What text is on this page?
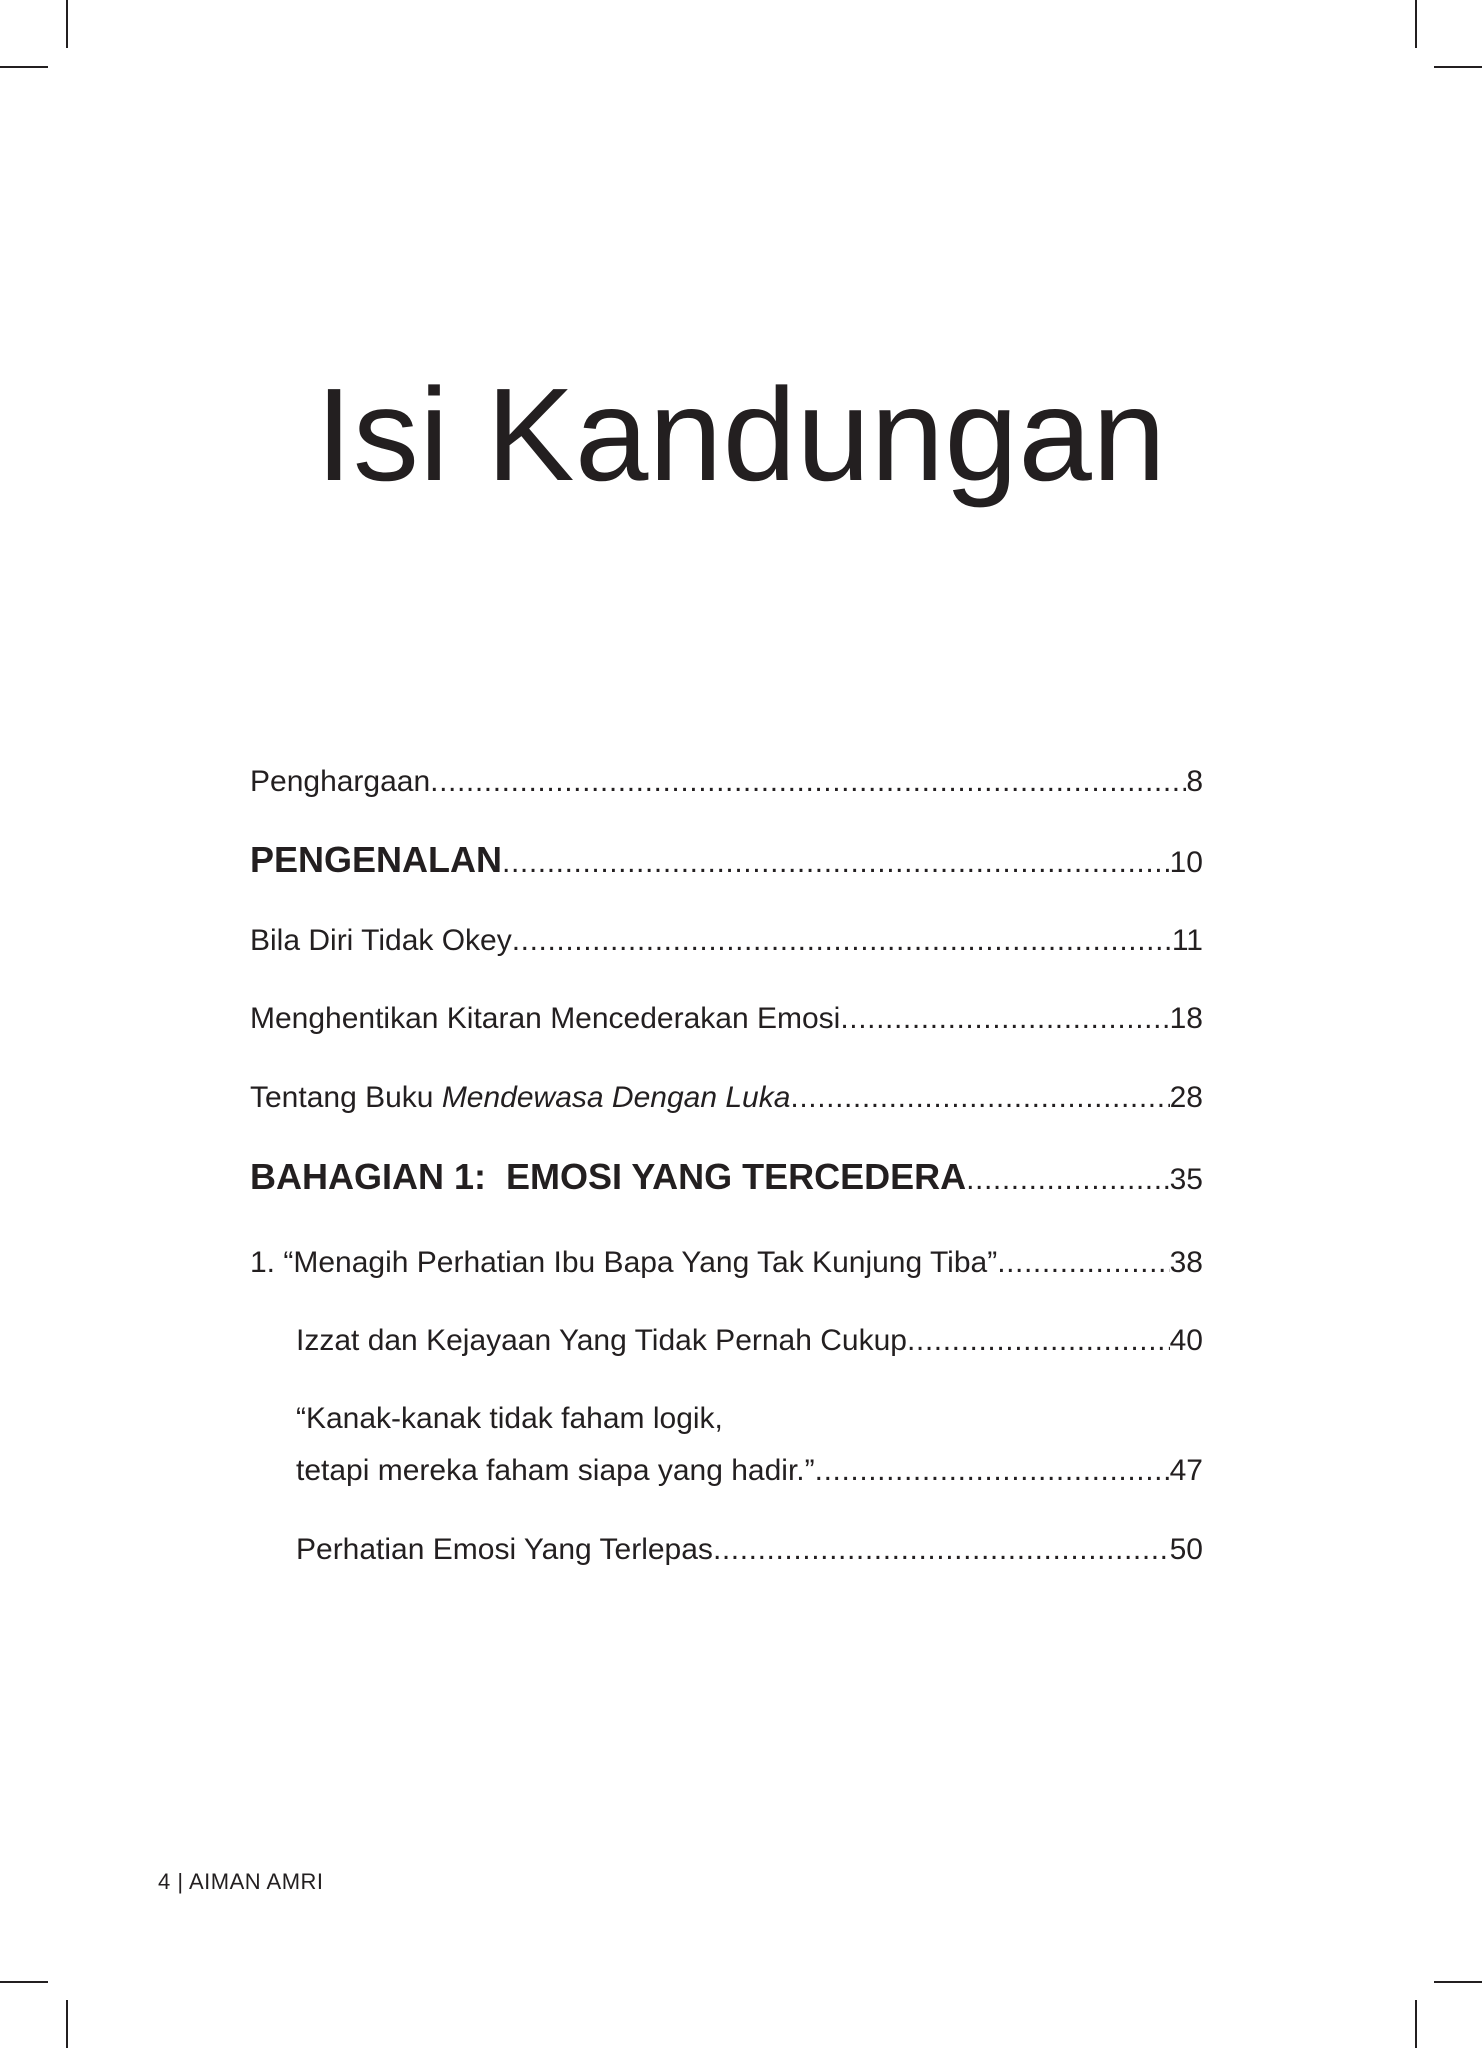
Isi Kandungan
Penghargaan .....	8
PENGENALAN .....	10
Bila Diri Tidak Okey .....	11
Menghentikan Kitaran Mencederakan Emosi .....	18
Tentang Buku Mendewasa Dengan Luka .....	28
BAHAGIAN 1:  EMOSI YANG TERCEDERA .....	35
1. “Menagih Perhatian Ibu Bapa Yang Tak Kunjung Tiba” .....	38
Izzat dan Kejayaan Yang Tidak Pernah Cukup .....	40
“Kanak-kanak tidak faham logik,
tetapi mereka faham siapa yang hadir.” .....	47
Perhatian Emosi Yang Terlepas .....	50
4 | AIMAN AMRI
